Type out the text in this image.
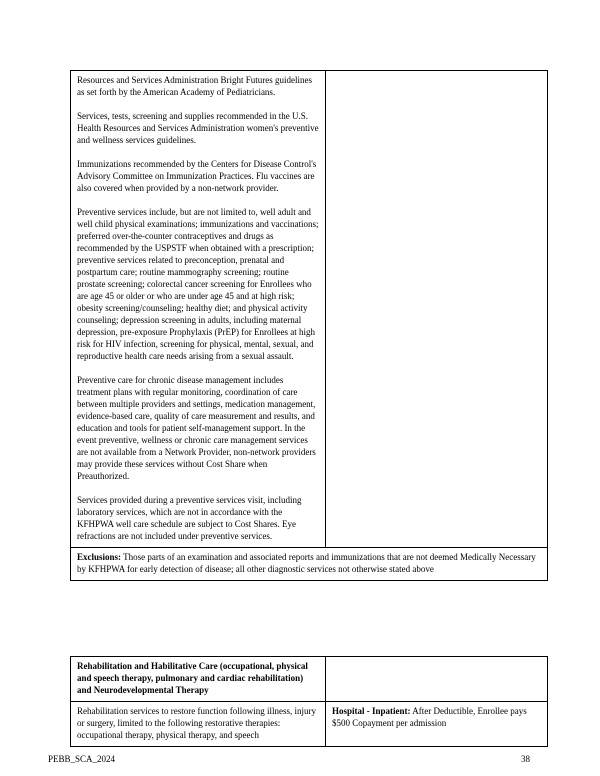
Resources and Services Administration Bright Futures guidelines as set forth by the American Academy of Pediatricians.

Services, tests, screening and supplies recommended in the U.S. Health Resources and Services Administration women's preventive and wellness services guidelines.

Immunizations recommended by the Centers for Disease Control's Advisory Committee on Immunization Practices. Flu vaccines are also covered when provided by a non-network provider.

Preventive services include, but are not limited to, well adult and well child physical examinations; immunizations and vaccinations; preferred over-the-counter contraceptives and drugs as recommended by the USPSTF when obtained with a prescription; preventive services related to preconception, prenatal and postpartum care; routine mammography screening; routine prostate screening; colorectal cancer screening for Enrollees who are age 45 or older or who are under age 45 and at high risk; obesity screening/counseling; healthy diet; and physical activity counseling; depression screening in adults, including maternal depression, pre-exposure Prophylaxis (PrEP) for Enrollees at high risk for HIV infection, screening for physical, mental, sexual, and reproductive health care needs arising from a sexual assault.

Preventive care for chronic disease management includes treatment plans with regular monitoring, coordination of care between multiple providers and settings, medication management, evidence-based care, quality of care measurement and results, and education and tools for patient self-management support. In the event preventive, wellness or chronic care management services are not available from a Network Provider, non-network providers may provide these services without Cost Share when Preauthorized.

Services provided during a preventive services visit, including laboratory services, which are not in accordance with the KFHPWA well care schedule are subject to Cost Shares. Eye refractions are not included under preventive services.

Exclusions: Those parts of an examination and associated reports and immunizations that are not deemed Medically Necessary by KFHPWA for early detection of disease; all other diagnostic services not otherwise stated above

Rehabilitation and Habilitative Care (occupational, physical and speech therapy, pulmonary and cardiac rehabilitation) and Neurodevelopmental Therapy

Rehabilitation services to restore function following illness, injury or surgery, limited to the following restorative therapies: occupational therapy, physical therapy, and speech

Hospital - Inpatient: After Deductible, Enrollee pays $500 Copayment per admission

PEBB_SCA_2024	38
